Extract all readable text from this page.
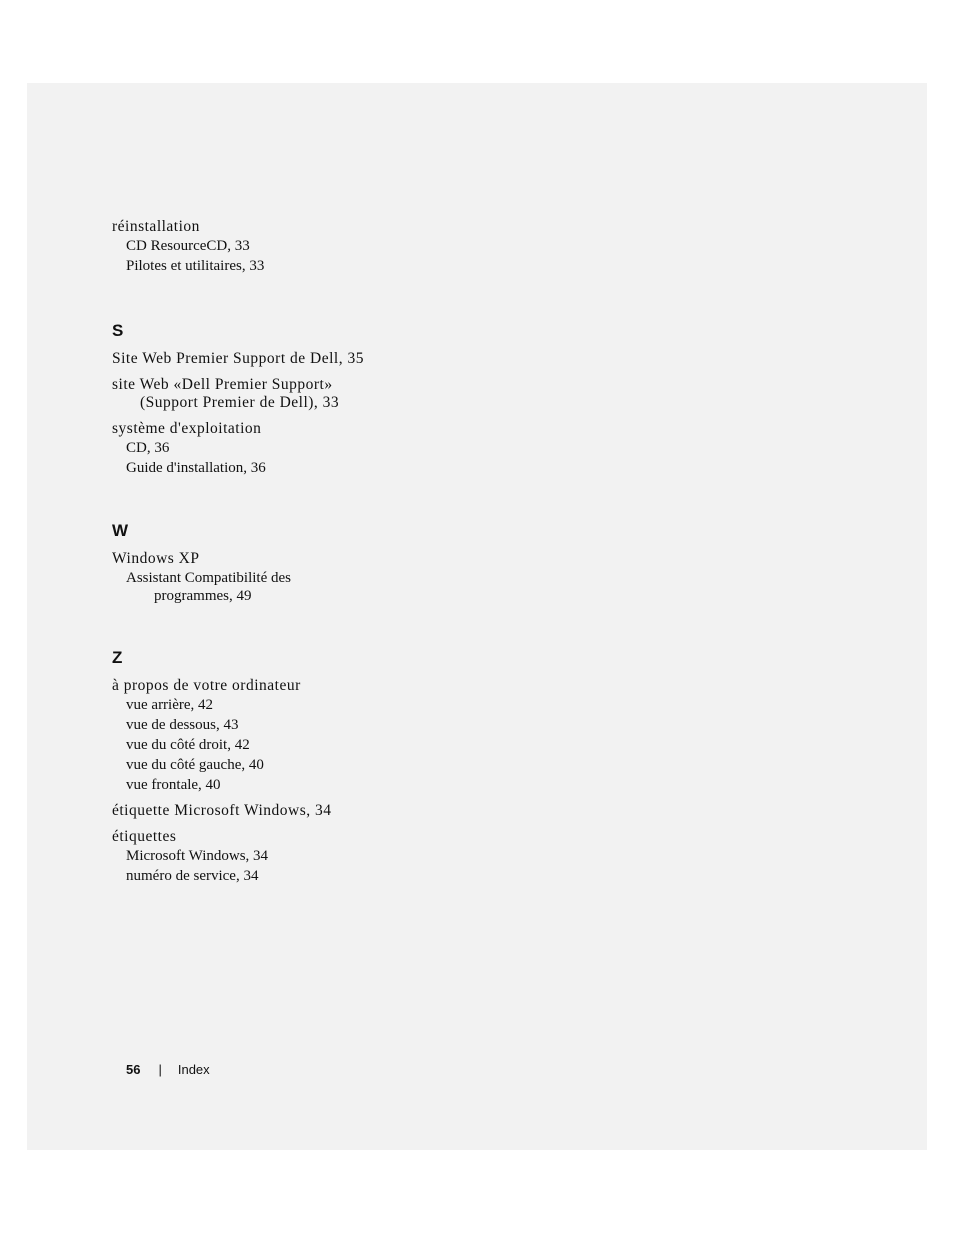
réinstallation
CD ResourceCD, 33
Pilotes et utilitaires, 33
S
Site Web Premier Support de Dell, 35
site Web «Dell Premier Support» (Support Premier de Dell), 33
système d'exploitation
CD, 36
Guide d'installation, 36
W
Windows XP
Assistant Compatibilité des programmes, 49
Z
à propos de votre ordinateur
vue arrière, 42
vue de dessous, 43
vue du côté droit, 42
vue du côté gauche, 40
vue frontale, 40
étiquette Microsoft Windows, 34
étiquettes
Microsoft Windows, 34
numéro de service, 34
56 | Index
